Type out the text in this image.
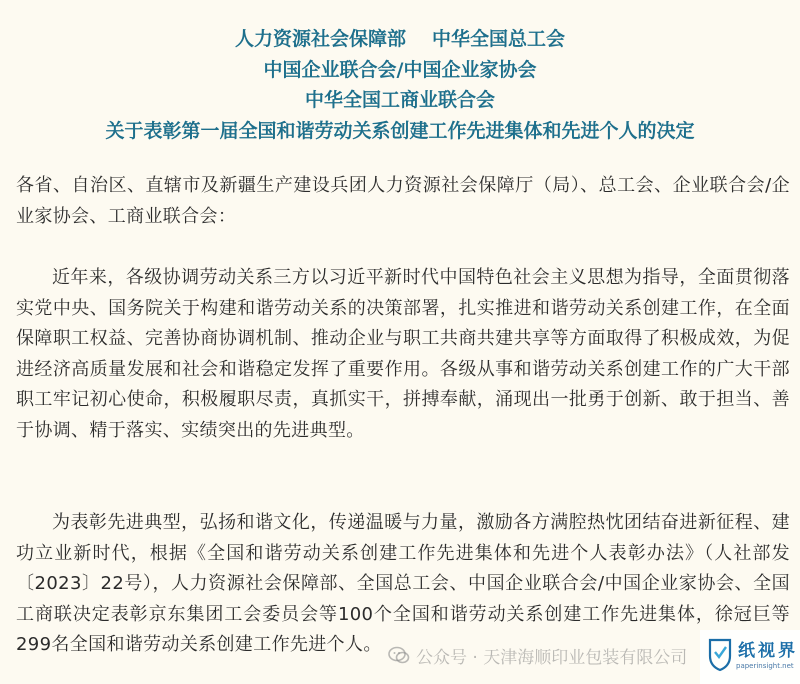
人力资源社会保障部 中华全国总工会
中国企业联合会/中国企业家协会
中华全国工商业联合会
关于表彰第一届全国和谐劳动关系创建工作先进集体和先进个人的决定
各省、自治区、直辖市及新疆生产建设兵团人力资源社会保障厅（局）、总工会、企业联合会/企业家协会、工商业联合会：
近年来，各级协调劳动关系三方以习近平新时代中国特色社会主义思想为指导，全面贯彻落实党中央、国务院关于构建和谐劳动关系的决策部署，扎实推进和谐劳动关系创建工作，在全面保障职工权益、完善协商协调机制、推动企业与职工共商共建共享等方面取得了积极成效，为促进经济高质量发展和社会和谐稳定发挥了重要作用。各级从事和谐劳动关系创建工作的广大干部职工牢记初心使命，积极履职尽责，真抓实干，拼搏奉献，涌现出一批勇于创新、敢于担当、善于协调、精于落实、实绩突出的先进典型。
为表彰先进典型，弘扬和谐文化，传递温暖与力量，激励各方满腔热忱团结奋进新征程、建功立业新时代，根据《全国和谐劳动关系创建工作先进集体和先进个人表彰办法》（人社部发〔2023〕22号），人力资源社会保障部、全国总工会、中国企业联合会/中国企业家协会、全国工商联决定表彰京东集团工会委员会等100个全国和谐劳动关系创建工作先进集体，徐冠巨等299名全国和谐劳动关系创建工作先进个人。
公众号 · 天津海顺印业包装有限公司	纸视界
paperinsight.net
